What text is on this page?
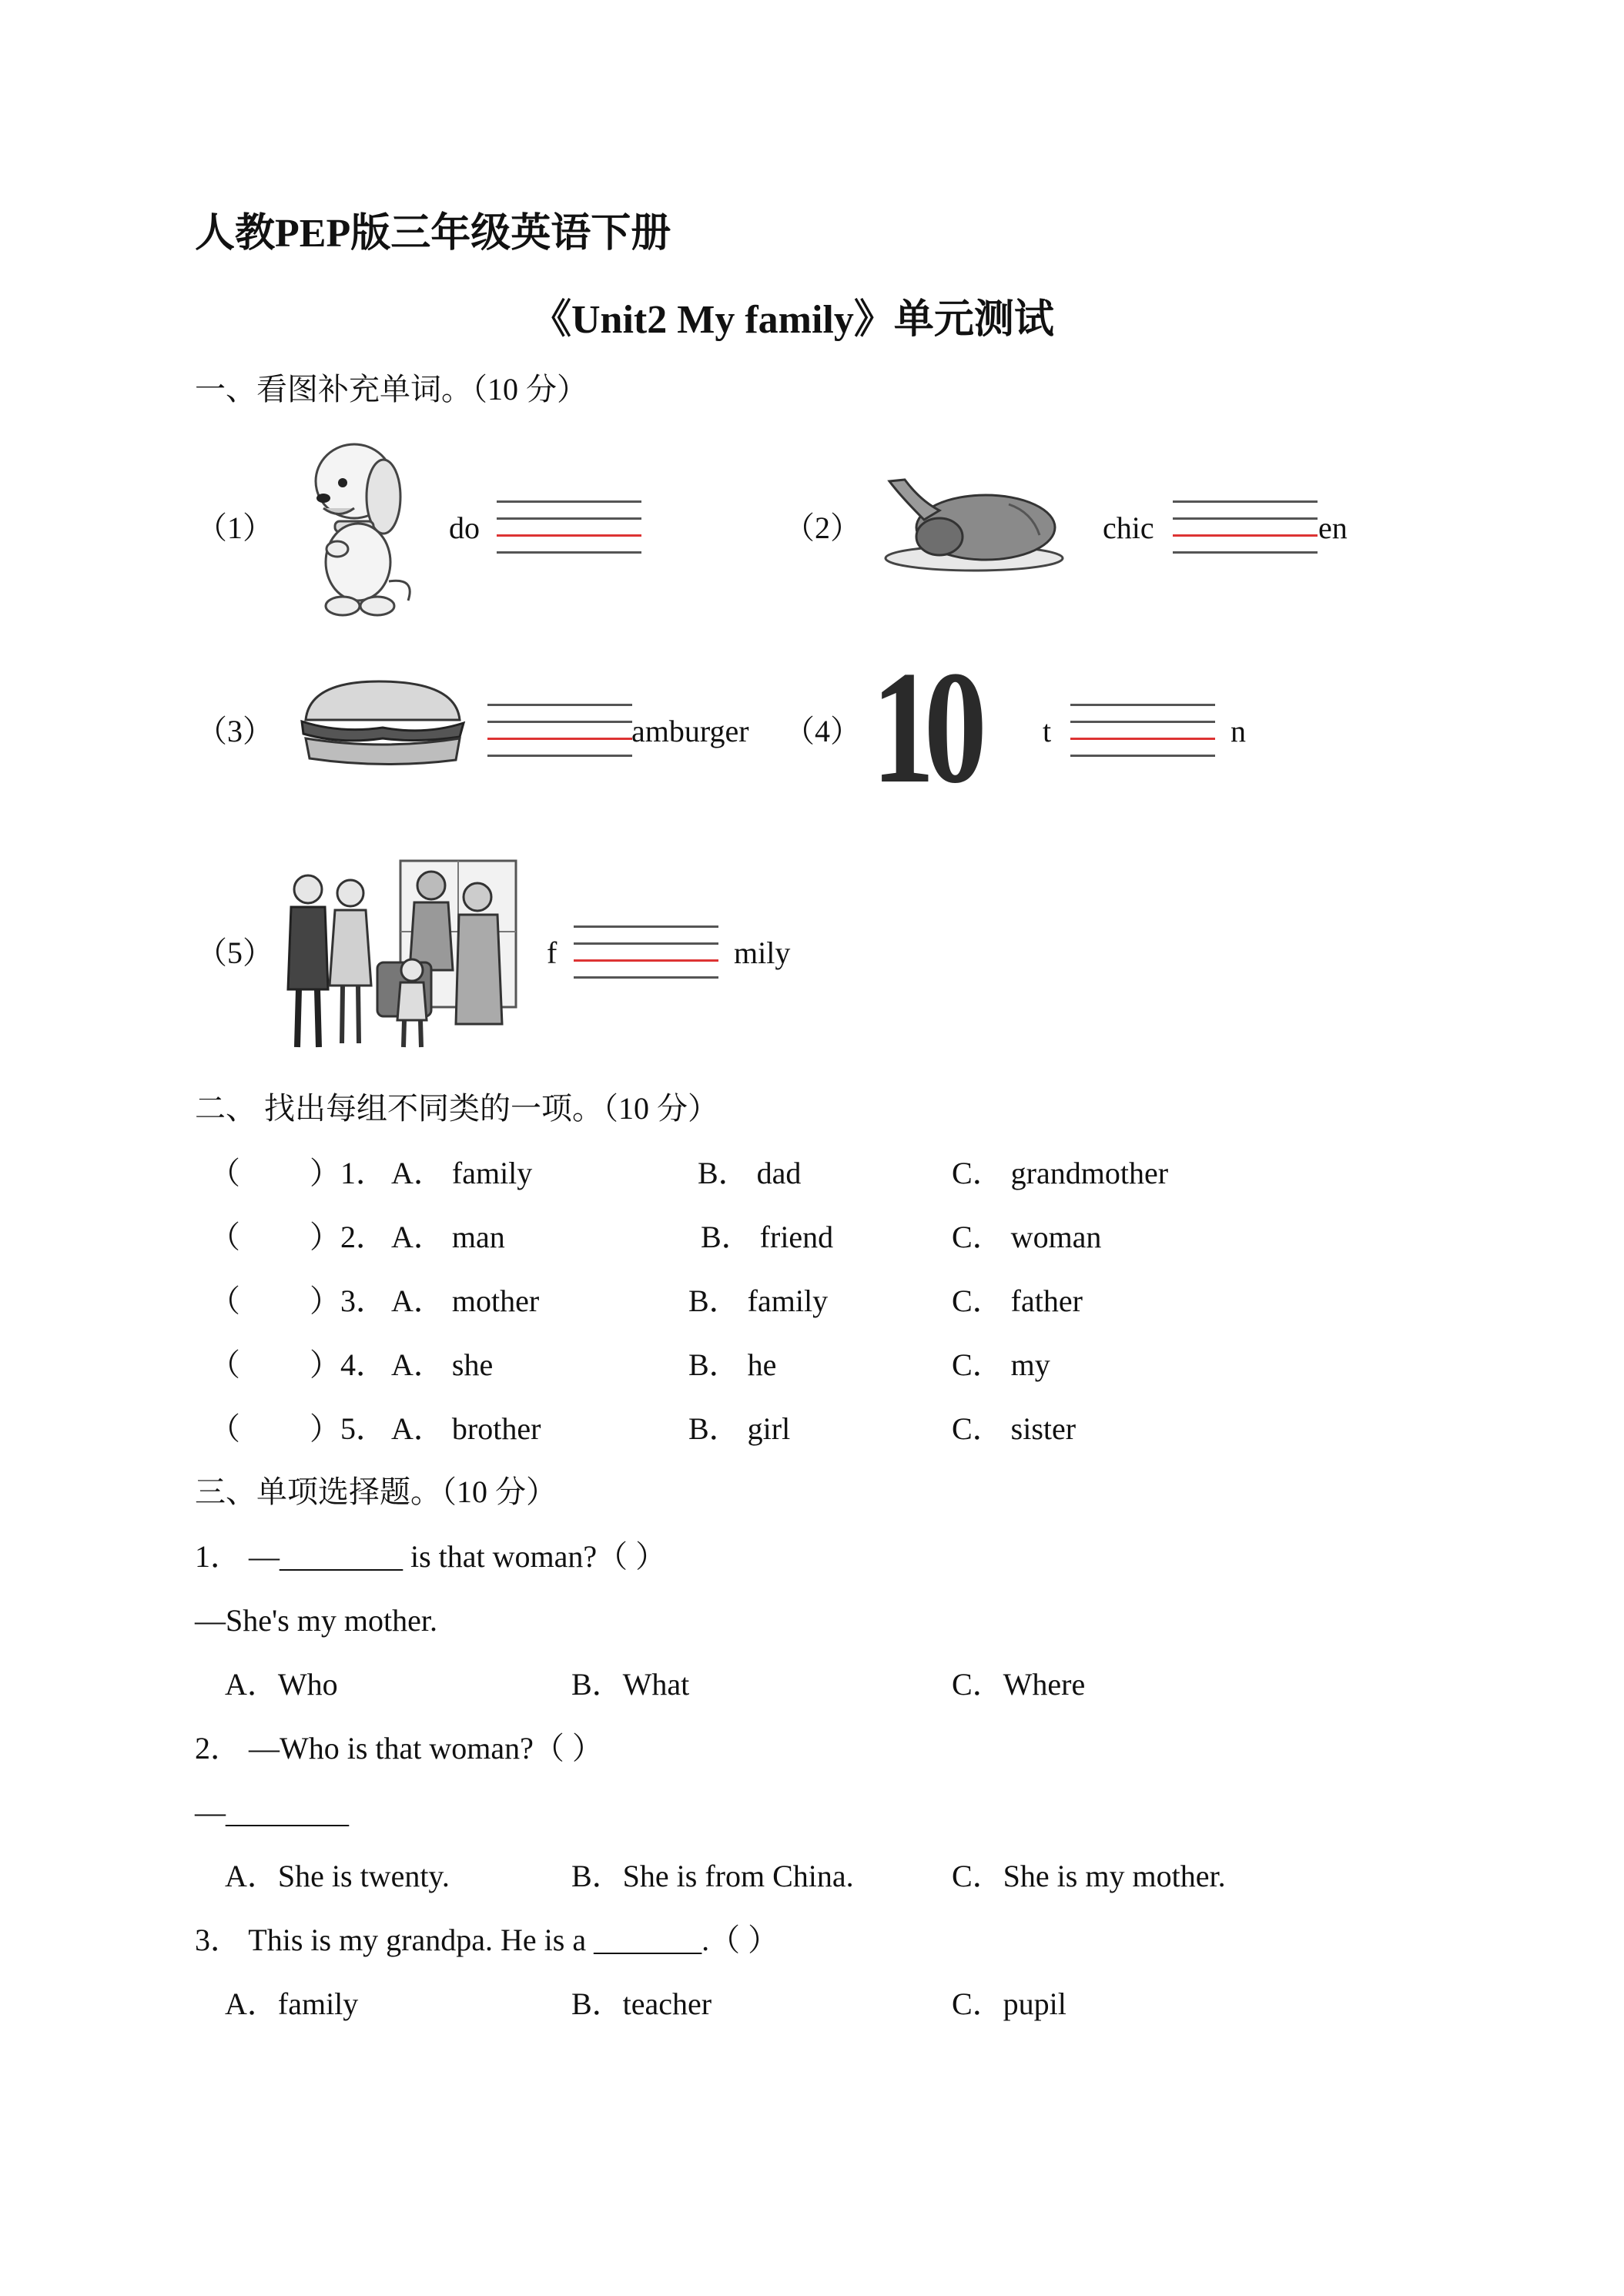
人教PEP版三年级英语下册
《Unit2 My family》单元测试
一、看图补充单词。（10 分）
（1）	do	（2）	chic	en
（3）	amburger （4） 10 t	n
（5）	f	mily
二、 找出每组不同类的一项。（10 分）
（ ）1． A． family	B． dad	C． grandmother
（ ）2． A． man	B． friend	C． woman
（ ）3． A． mother	B． family	C． father
（ ）4． A． she	B． he	C． my
（ ）5． A． brother	B． girl	C． sister
三、单项选择题。（10 分）
1． —________ is that woman?（ ）
—She's my mother.
A．Who	B．What	C．Where
2． —Who is that woman?（ ）
—________
A．She is twenty.	B．She is from China.	C．She is my mother.
3． This is my grandpa. He is a _______.（ ）
A．family	B．teacher	C．pupil
